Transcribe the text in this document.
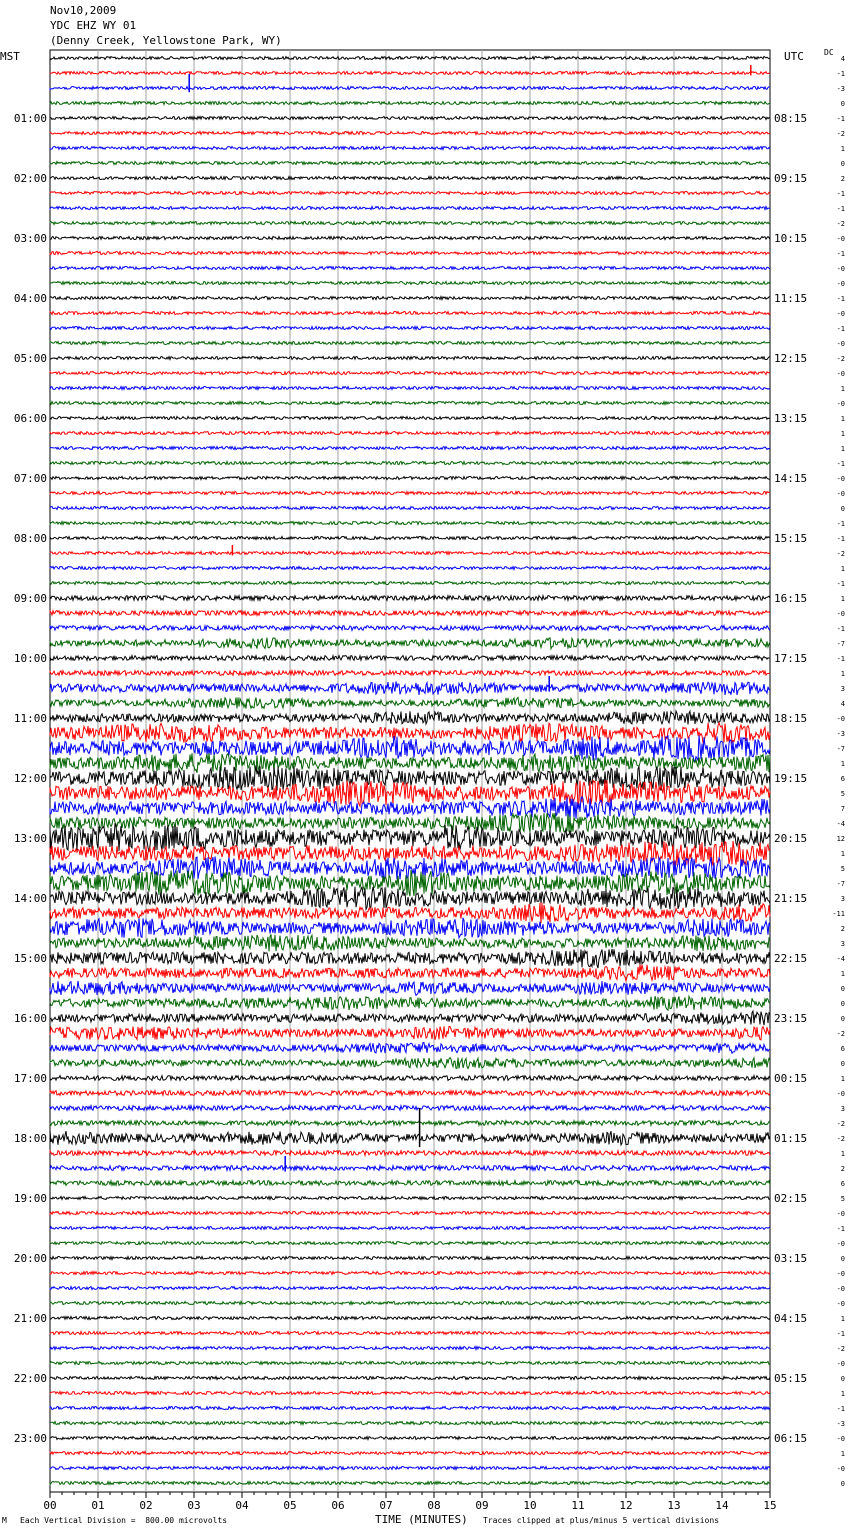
Nov10,2009
YDC EHZ WY 01
(Denny Creek, Yellowstone Park, WY)
MST	UTC	DC
00	01	02	03	04	05	06	07	08	09	10	11	12	13	14	15
4
-1
-3
0
-1
-2
1
0
2
-1
-1
-2
-0
-1
-0
-0
-1
-0
-1
-0
-2
-0
1
-0
1
1
1
-1
-0
-0
0
-1
-1
-2
1
-1
1
-0
-1
-7
-1
1
3
4
-0
-3
-7
1
6
5
7
-4
12
1
5
-7
3
-11
2
3
-4
1
0
0
0
-2
6
0
1
-0
3
-2
-2
1
2
6
5
-0
-1
-0
0
-0
-0
-0
1
-1
-2
-0
0
1
-1
-3
-0
1
-0
0
01:00	08:15
02:00	09:15
03:00	10:15
04:00	11:15
05:00	12:15
06:00	13:15
07:00	14:15
08:00	15:15
09:00	16:15
10:00	17:15
11:00	18:15
12:00	19:15
13:00	20:15
14:00	21:15
15:00	22:15
16:00	23:15
17:00	00:15
18:00	01:15
19:00	02:15
20:00	03:15
21:00	04:15
22:00	05:15
23:00	06:15
M Each Vertical Division =  800.00 microvolts	TIME (MINUTES) Traces clipped at plus/minus 5 vertical divisions
